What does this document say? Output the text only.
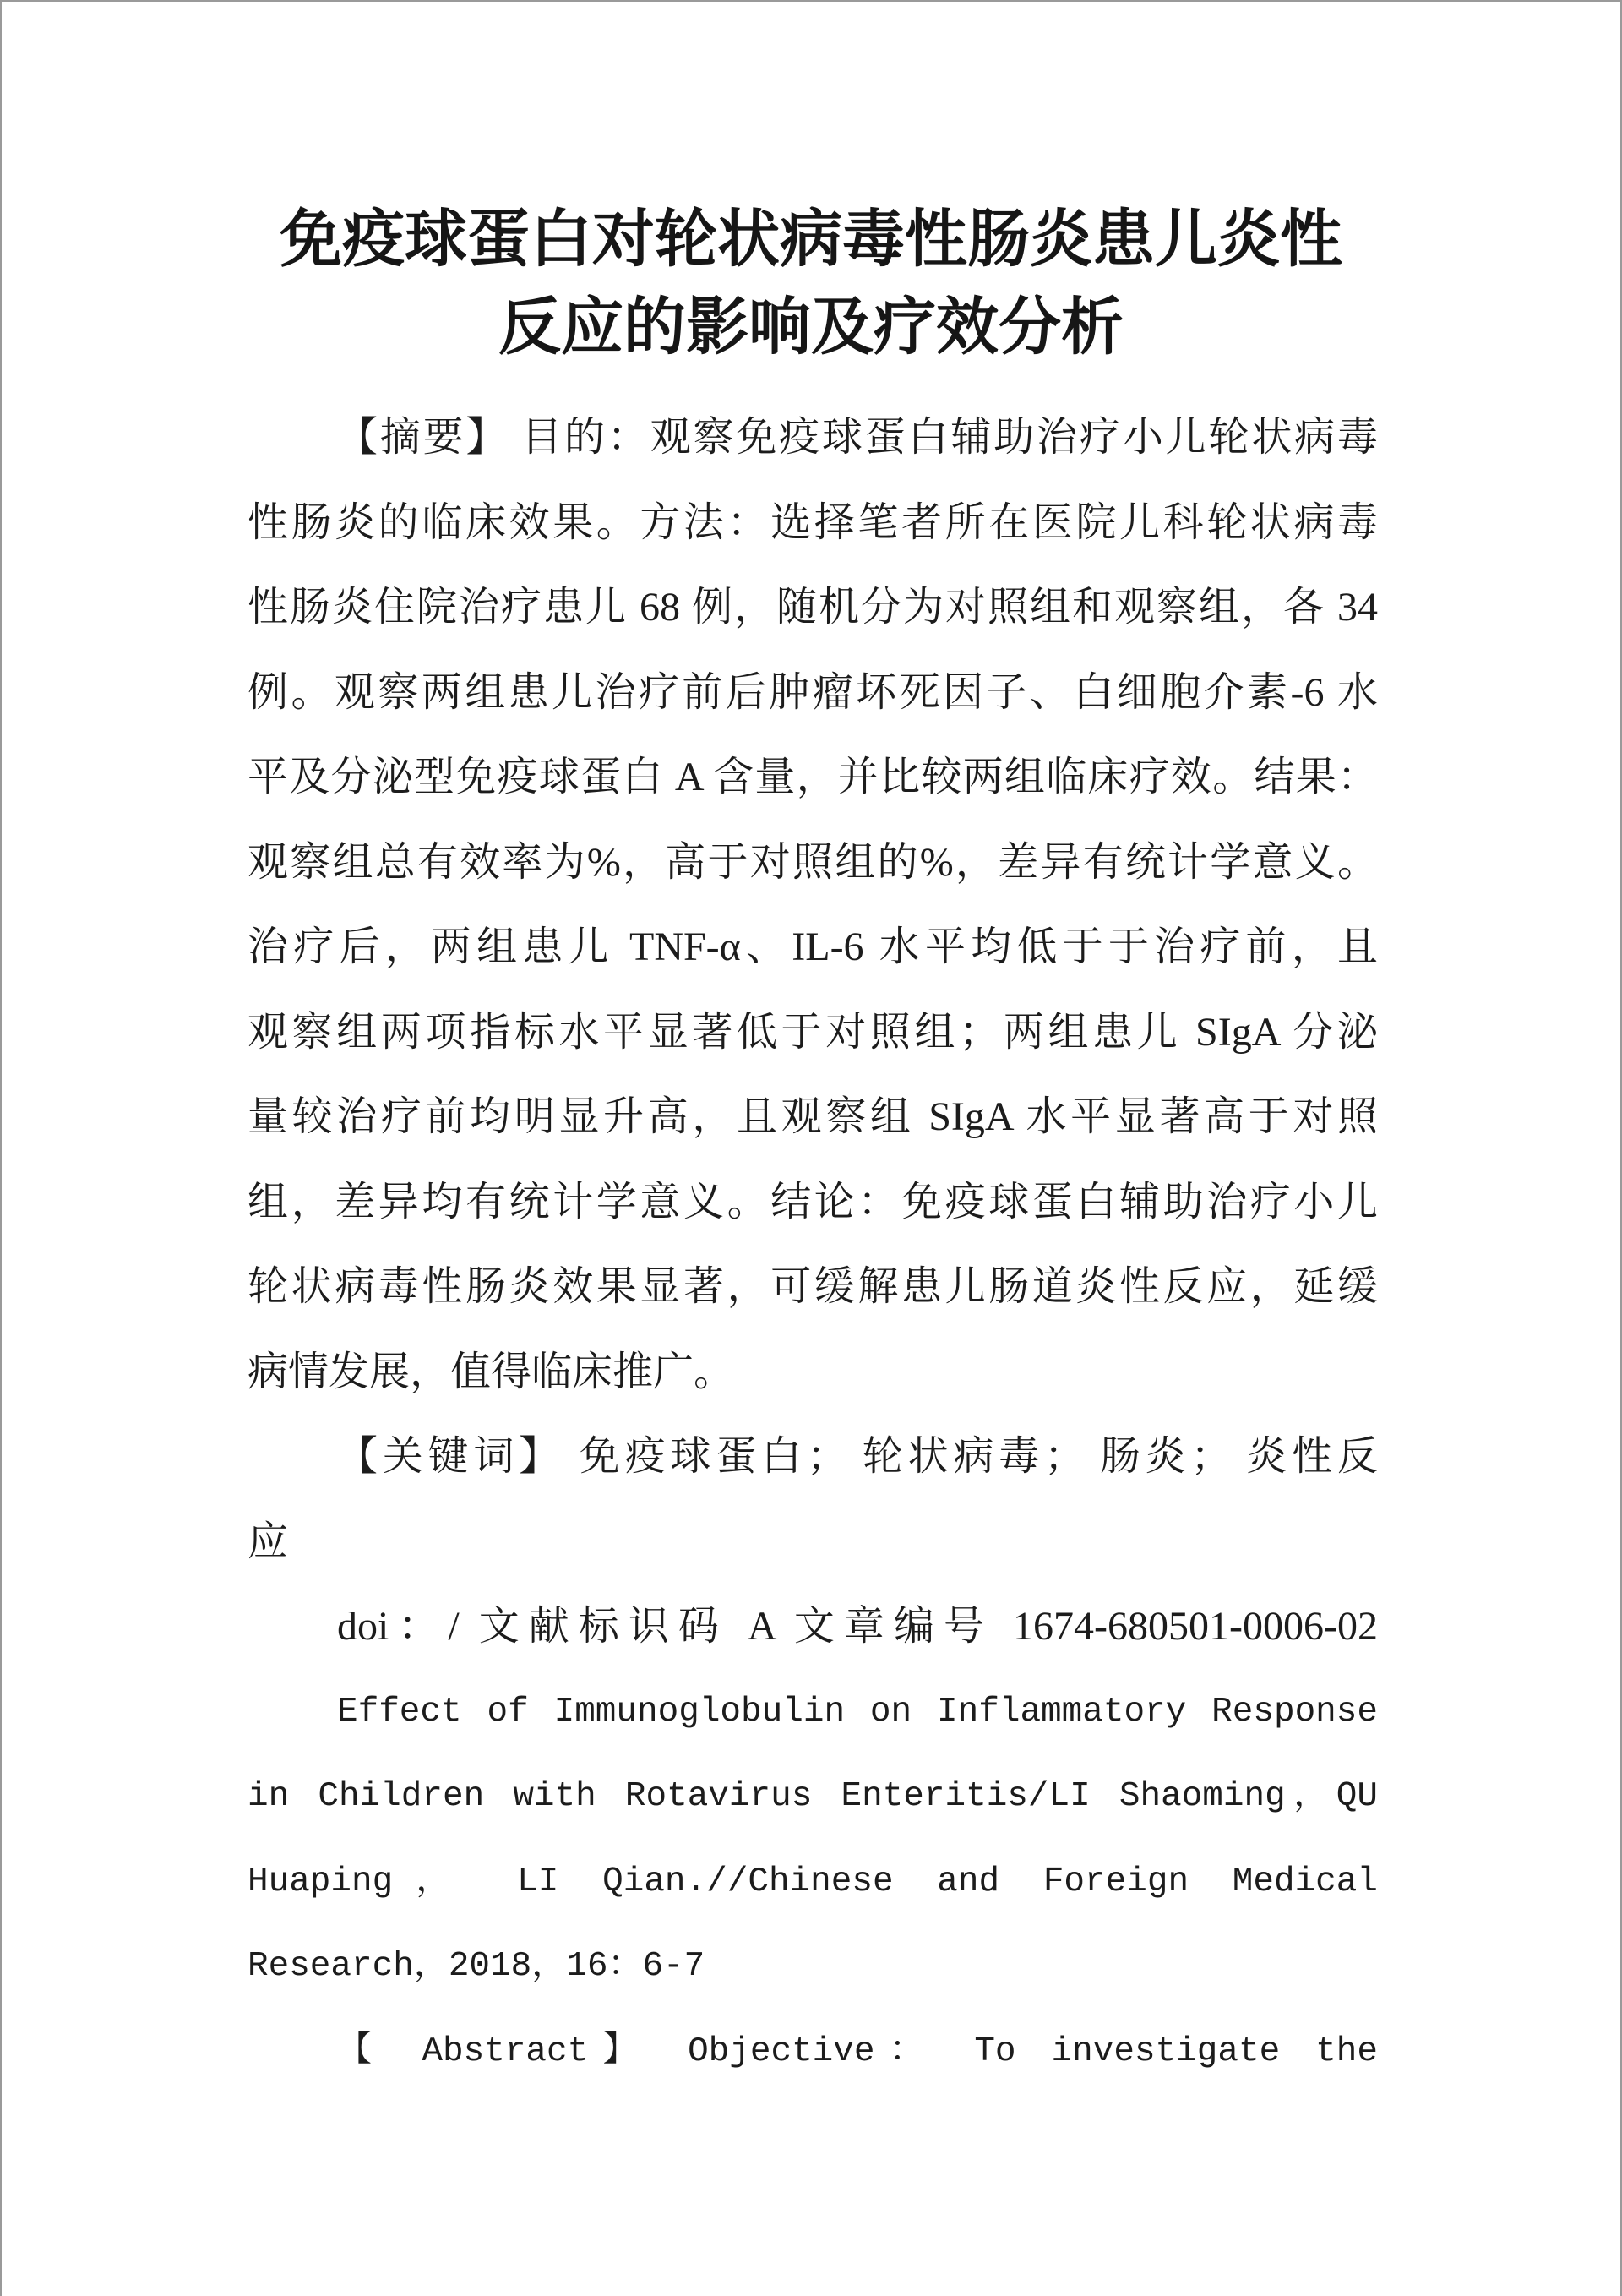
免疫球蛋白对轮状病毒性肠炎患儿炎性
反应的影响及疗效分析
【摘要】 目的：观察免疫球蛋白辅助治疗小儿轮状病毒
性肠炎的临床效果。方法：选择笔者所在医院儿科轮状病毒
性肠炎住院治疗患儿 68 例，随机分为对照组和观察组，各 34
例。观察两组患儿治疗前后肿瘤坏死因子、白细胞介素-6 水
平及分泌型免疫球蛋白 A 含量，并比较两组临床疗效。结果：
观察组总有效率为%，高于对照组的%，差异有统计学意义。
治疗后，两组患儿 TNF-α、IL-6 水平均低于于治疗前，且
观察组两项指标水平显著低于对照组；两组患儿 SIgA 分泌
量较治疗前均明显升高，且观察组 SIgA 水平显著高于对照
组，差异均有统计学意义。结论：免疫球蛋白辅助治疗小儿
轮状病毒性肠炎效果显著，可缓解患儿肠道炎性反应，延缓
病情发展，值得临床推广。
【关键词】 免疫球蛋白； 轮状病毒； 肠炎； 炎性反
应
doi：/ 文献标识码 A 文章编号 1674-680501-0006-02
Effect of Immunoglobulin on Inflammatory Response
in Children with Rotavirus Enteritis/LI Shaoming，QU
Huaping， LI Qian.//Chinese and Foreign Medical
Research，2018，16：6-7
【 Abstract】 Objective： To investigate the
